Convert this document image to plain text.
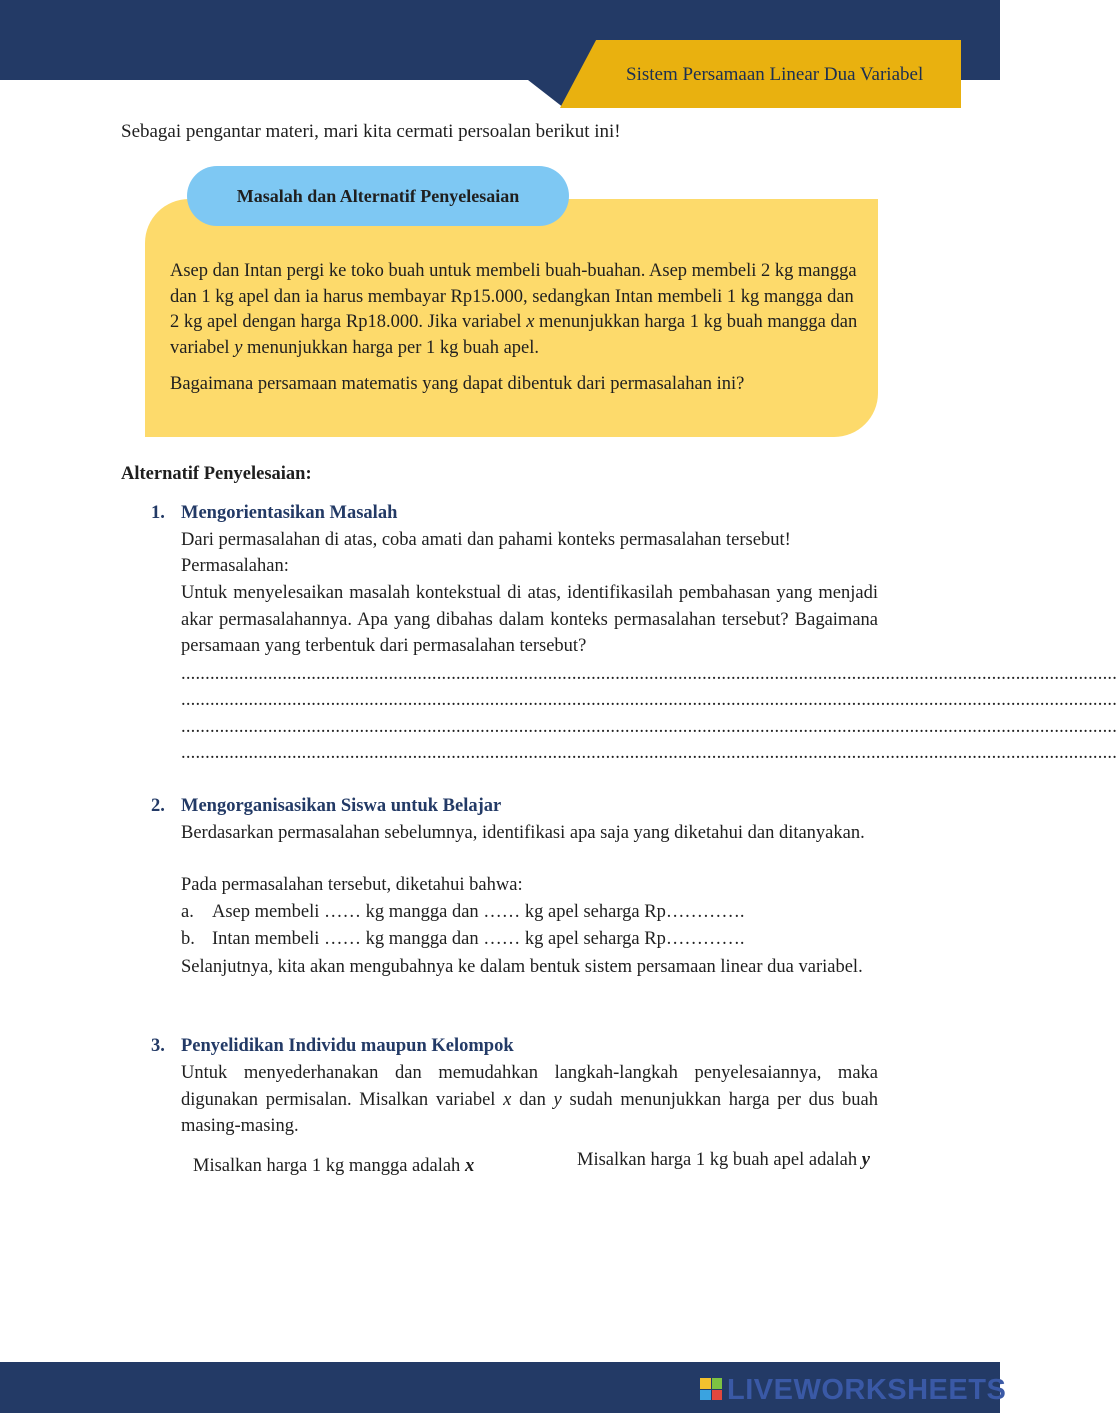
Sistem Persamaan Linear Dua Variabel
Sebagai pengantar materi, mari kita cermati persoalan berikut ini!
Masalah dan Alternatif Penyelesaian
Asep dan Intan pergi ke toko buah untuk membeli buah-buahan. Asep membeli 2 kg mangga dan 1 kg apel dan ia harus membayar Rp15.000, sedangkan Intan membeli 1 kg mangga dan 2 kg apel dengan harga Rp18.000. Jika variabel x menunjukkan harga 1 kg buah mangga dan variabel y menunjukkan harga per 1 kg buah apel.
Bagaimana persamaan matematis yang dapat dibentuk dari permasalahan ini?
Alternatif Penyelesaian:
1. Mengorientasikan Masalah
Dari permasalahan di atas, coba amati dan pahami konteks permasalahan tersebut!
Permasalahan:
Untuk menyelesaikan masalah kontekstual di atas, identifikasilah pembahasan yang menjadi akar permasalahannya. Apa yang dibahas dalam konteks permasalahan tersebut? Bagaimana persamaan yang terbentuk dari permasalahan tersebut?
..................................................................................................................................................................................................
..................................................................................................................................................................................................
..................................................................................................................................................................................................
..................................................................................................................................................................................................
2. Mengorganisasikan Siswa untuk Belajar
Berdasarkan permasalahan sebelumnya, identifikasi apa saja yang diketahui dan ditanyakan.
Pada permasalahan tersebut, diketahui bahwa:
a. Asep membeli …… kg mangga dan …… kg apel seharga Rp………….
b. Intan membeli …… kg mangga dan …… kg apel seharga Rp………….
Selanjutnya, kita akan mengubahnya ke dalam bentuk sistem persamaan linear dua variabel.
3. Penyelidikan Individu maupun Kelompok
Untuk menyederhanakan dan memudahkan langkah-langkah penyelesaiannya, maka digunakan permisalan. Misalkan variabel x dan y sudah menunjukkan harga per dus buah masing-masing.
Misalkan harga 1 kg mangga adalah x	Misalkan harga 1 kg buah apel adalah y
LIVEWORKSHEETS
